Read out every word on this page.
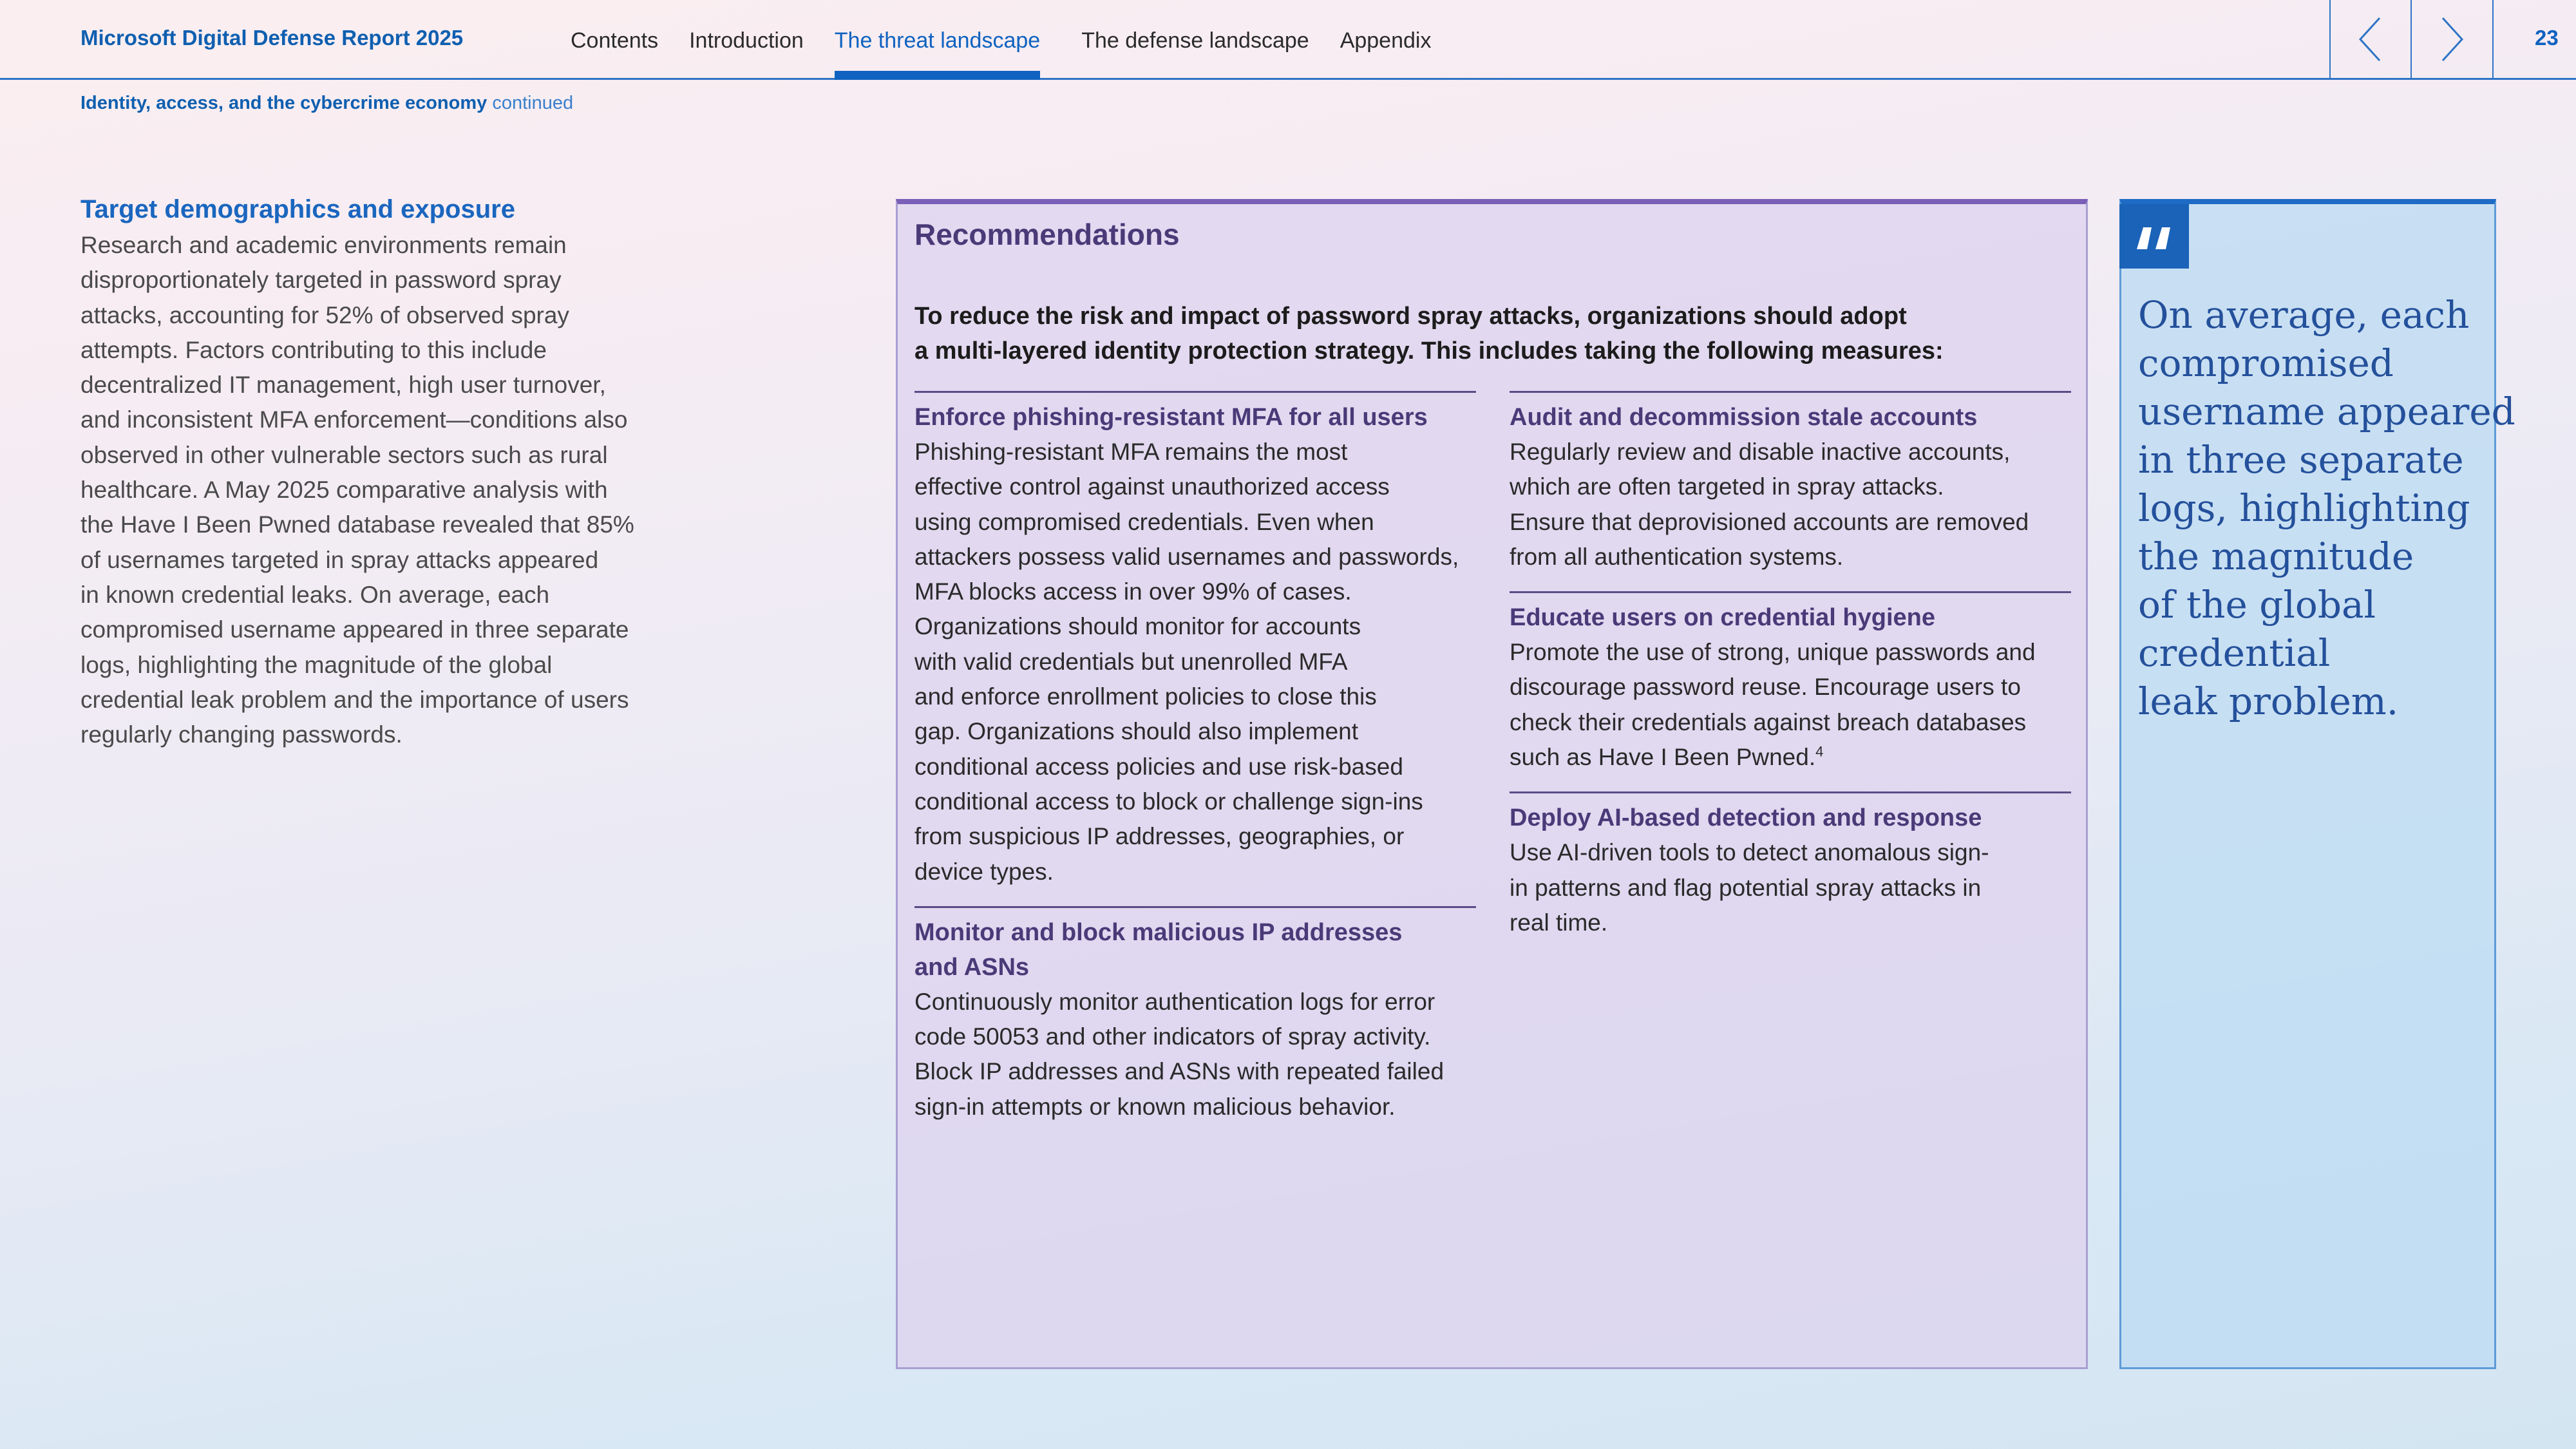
Microsoft Digital Defense Report 2025	Contents Introduction The threat landscape The defense landscape Appendix	23
Identity, access, and the cybercrime economy continued
Target demographics and exposure

Research and academic environments remain
disproportionately targeted in password spray
attacks, accounting for 52% of observed spray
attempts. Factors contributing to this include
decentralized IT management, high user turnover,
and inconsistent MFA enforcement—conditions also
observed in other vulnerable sectors such as rural
healthcare. A May 2025 comparative analysis with
the Have I Been Pwned database revealed that 85%
of usernames targeted in spray attacks appeared
in known credential leaks. On average, each
compromised username appeared in three separate
logs, highlighting the magnitude of the global
credential leak problem and the importance of users
regularly changing passwords.

Recommendations
To reduce the risk and impact of password spray attacks, organizations should adopt
a multi-layered identity protection strategy. This includes taking the following measures:
Enforce phishing-resistant MFA for all users
Phishing-resistant MFA remains the most
effective control against unauthorized access
using compromised credentials. Even when
attackers possess valid usernames and passwords,
MFA blocks access in over 99% of cases.
Organizations should monitor for accounts
with valid credentials but unenrolled MFA
and enforce enrollment policies to close this
gap. Organizations should also implement
conditional access policies and use risk-based
conditional access to block or challenge sign-ins
from suspicious IP addresses, geographies, or
device types.
Monitor and block malicious IP addresses
and ASNs
Continuously monitor authentication logs for error
code 50053 and other indicators of spray activity.
Block IP addresses and ASNs with repeated failed
sign-in attempts or known malicious behavior.
Audit and decommission stale accounts
Regularly review and disable inactive accounts,
which are often targeted in spray attacks.
Ensure that deprovisioned accounts are removed
from all authentication systems.
Educate users on credential hygiene
Promote the use of strong, unique passwords and
discourage password reuse. Encourage users to
check their credentials against breach databases
such as Have I Been Pwned.$^4$
Deploy AI-based detection and response
Use AI-driven tools to detect anomalous sign-
in patterns and flag potential spray attacks in
real time.
On average, each
compromised
username appeared
in three separate
logs, highlighting
the magnitude
of the global
credential
leak problem.
